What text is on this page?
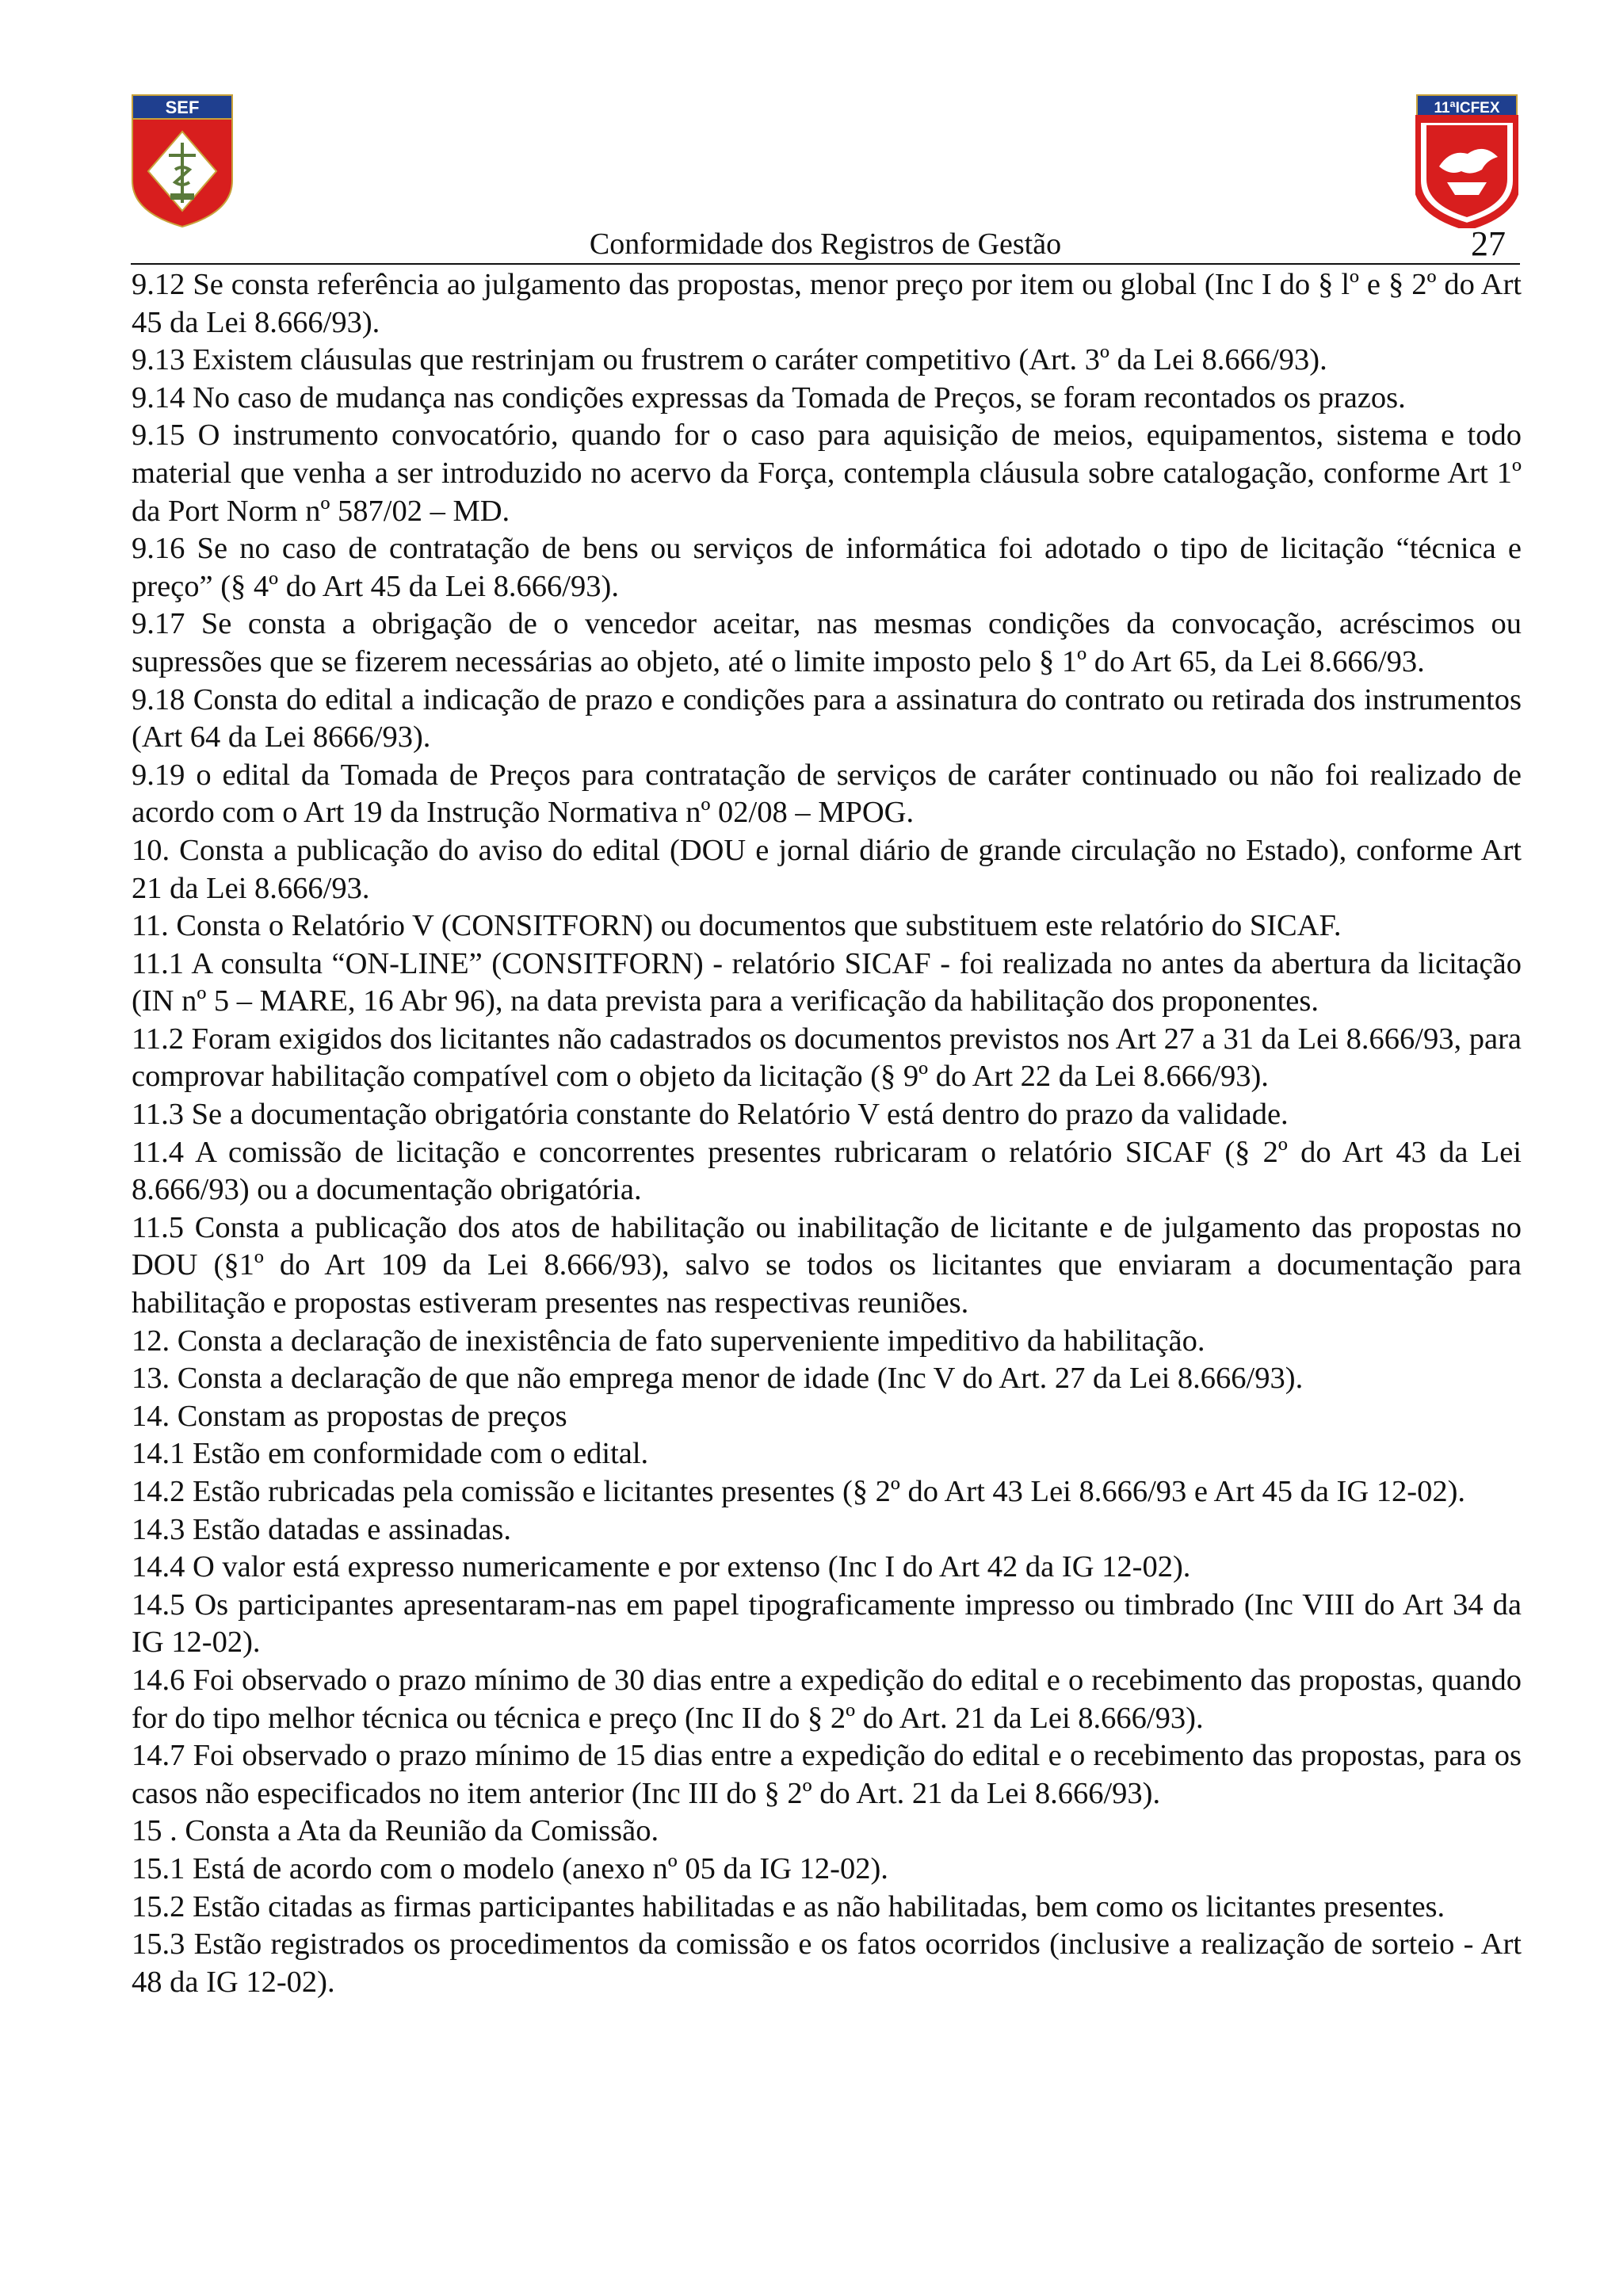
SEF	11ªICFEX
Conformidade dos Registros de Gestão	27

9.12 Se consta referência ao julgamento das propostas, menor preço por item ou global (Inc I do § lº e § 2º do Art 45 da Lei 8.666/93).

9.13 Existem cláusulas que restrinjam ou frustrem o caráter competitivo (Art. 3º da Lei 8.666/93).

9.14 No caso de mudança nas condições expressas da Tomada de Preços, se foram recontados os prazos.

9.15 O instrumento convocatório, quando for o caso para aquisição de meios, equipamentos, sistema e todo material que venha a ser introduzido no acervo da Força, contempla cláusula sobre catalogação, conforme Art 1º da Port Norm nº 587/02 – MD.

9.16 Se no caso de contratação de bens ou serviços de informática foi adotado o tipo de licitação “técnica e preço” (§ 4º do Art 45 da Lei 8.666/93).

9.17 Se consta a obrigação de o vencedor aceitar, nas mesmas condições da convocação, acréscimos ou supressões que se fizerem necessárias ao objeto, até o limite imposto pelo § 1º do Art 65, da Lei 8.666/93.

9.18 Consta do edital a indicação de prazo e condições para a assinatura do contrato ou retirada dos instrumentos (Art 64 da Lei 8666/93).

9.19 o edital da Tomada de Preços para contratação de serviços de caráter continuado ou não foi realizado de acordo com o Art 19 da Instrução Normativa nº 02/08 – MPOG.

10. Consta a publicação do aviso do edital (DOU e jornal diário de grande circulação no Estado), conforme Art 21 da Lei 8.666/93.

11. Consta o Relatório V (CONSITFORN) ou documentos que substituem este relatório do SICAF.

11.1 A consulta “ON-LINE” (CONSITFORN) - relatório SICAF - foi realizada no antes da abertura da licitação (IN nº 5 – MARE, 16 Abr 96), na data prevista para a verificação da habilitação dos proponentes.

11.2 Foram exigidos dos licitantes não cadastrados os documentos previstos nos Art 27 a 31 da Lei 8.666/93, para comprovar habilitação compatível com o objeto da licitação (§ 9º do Art 22 da Lei 8.666/93).

11.3 Se a documentação obrigatória constante do Relatório V está dentro do prazo da validade.

11.4 A comissão de licitação e concorrentes presentes rubricaram o relatório SICAF (§ 2º do Art 43 da Lei 8.666/93) ou a documentação obrigatória.

11.5 Consta a publicação dos atos de habilitação ou inabilitação de licitante e de julgamento das propostas no DOU (§1º do Art 109 da Lei 8.666/93), salvo se todos os licitantes que enviaram a documentação para habilitação e propostas estiveram presentes nas respectivas reuniões.

12. Consta a declaração de inexistência de fato superveniente impeditivo da habilitação.

13. Consta a declaração de que não emprega menor de idade (Inc V do Art. 27 da Lei 8.666/93).

14. Constam as propostas de preços

14.1 Estão em conformidade com o edital.

14.2 Estão rubricadas pela comissão e licitantes presentes (§ 2º do Art 43 Lei 8.666/93 e Art 45 da IG 12-02).

14.3 Estão datadas e assinadas.

14.4 O valor está expresso numericamente e por extenso (Inc I do Art 42 da IG 12-02).

14.5 Os participantes apresentaram-nas em papel tipograficamente impresso ou timbrado (Inc VIII do Art 34 da IG 12-02).

14.6 Foi observado o prazo mínimo de 30 dias entre a expedição do edital e o recebimento das propostas, quando for do tipo melhor técnica ou técnica e preço (Inc II do § 2º do Art. 21 da Lei 8.666/93).

14.7 Foi observado o prazo mínimo de 15 dias entre a expedição do edital e o recebimento das propostas, para os casos não especificados no item anterior (Inc III do § 2º do Art. 21 da Lei 8.666/93).

15 . Consta a Ata da Reunião da Comissão.

15.1 Está de acordo com o modelo (anexo nº 05 da IG 12-02).

15.2 Estão citadas as firmas participantes habilitadas e as não habilitadas, bem como os licitantes presentes.

15.3 Estão registrados os procedimentos da comissão e os fatos ocorridos (inclusive a realização de sorteio - Art 48 da IG 12-02).
